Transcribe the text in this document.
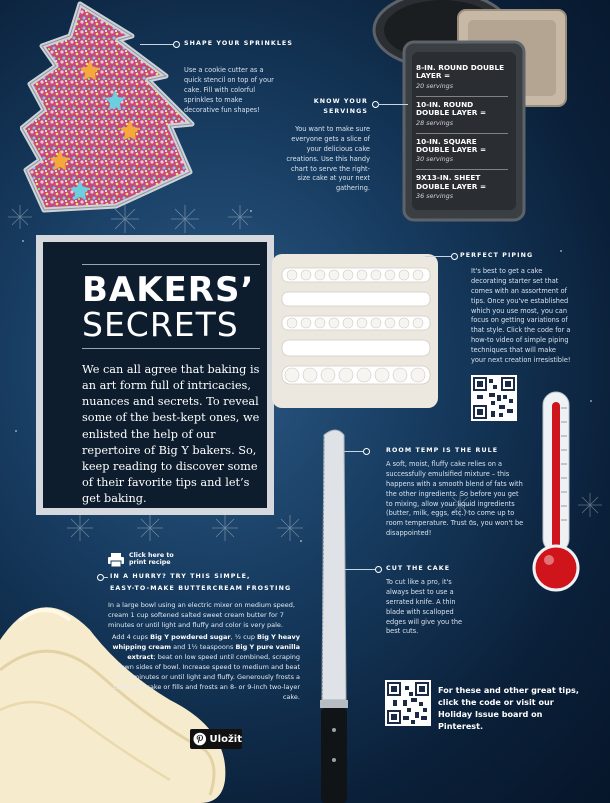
SHAPE YOUR SPRINKLES
Use a cookie cutter as a quick stencil on top of your cake. Fill with colorful sprinkles to make decorative fun shapes!
8-IN. ROUND DOUBLE LAYER =
20 servings
10-IN. ROUND DOUBLE LAYER =
28 servings
10-IN. SQUARE DOUBLE LAYER =
30 servings
9X13-IN. SHEET DOUBLE LAYER =
36 servings
KNOW YOUR SERVINGS
You want to make sure everyone gets a slice of your delicious cake creations. Use this handy chart to serve the right-size cake at your next gathering.
BAKERS’
SECRETS
We can all agree that baking is an art form full of intricacies, nuances and secrets. To reveal some of the best-kept ones, we enlisted the help of our repertoire of Big Y bakers. So, keep reading to discover some of their favorite tips and let’s get baking.
PERFECT PIPING
It's best to get a cake decorating starter set that comes with an assortment of tips. Once you've established which you use most, you can focus on getting variations of that style. Click the code for a how-to video of simple piping techniques that will make your next creation irresistible!
ROOM TEMP IS THE RULE
A soft, moist, fluffy cake relies on a successfully emulsified mixture – this happens with a smooth blend of fats with the other ingredients. So before you get to mixing, allow your liquid ingredients (butter, milk, eggs, etc.) to come up to room temperature. Trust us, you won't be disappointed!
CUT THE CAKE
To cut like a pro, it's always best to use a serrated knife. A thin blade with scalloped edges will give you the best cuts.
For these and other great tips, click the code or visit our Holiday Issue board on Pinterest.
Click here to print recipe
IN A HURRY? TRY THIS SIMPLE,
EASY-TO-MAKE BUTTERCREAM FROSTING
In a large bowl using an electric mixer on medium speed, cream 1 cup softened salted sweet cream butter for 7 minutes or until light and fluffy and color is very pale.
Add 4 cups Big Y powdered sugar, ½ cup Big Y heavy whipping cream and 1½ teaspoons Big Y pure vanilla extract; beat on low speed until combined, scraping down sides of bowl. Increase speed to medium and beat for 5 minutes or until light and fluffy. Generously frosts a 13x9-inch cake or fills and frosts an 8- or 9-inch two-layer cake.
Uložit
